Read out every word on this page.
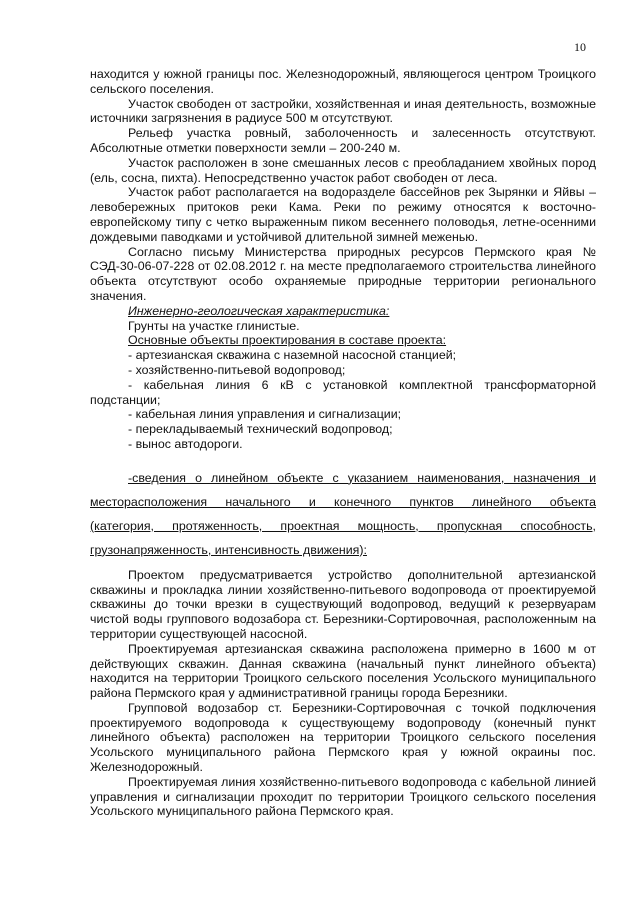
10

находится у южной границы пос. Железнодорожный, являющегося центром Троицкого сельского поселения.

Участок свободен от застройки, хозяйственная и иная деятельность, возможные источники загрязнения в радиусе 500 м отсутствуют.

Рельеф участка ровный, заболоченность и залесенность отсутствуют. Абсолютные отметки поверхности земли – 200-240 м.

Участок расположен в зоне смешанных лесов с преобладанием хвойных пород (ель, сосна, пихта). Непосредственно участок работ свободен от леса.

Участок работ располагается на водоразделе бассейнов рек Зырянки и Яйвы – левобережных притоков реки Кама. Реки по режиму относятся к восточно-европейскому типу с четко выраженным пиком весеннего половодья, летне-осенними дождевыми паводками и устойчивой длительной зимней меженью.

Согласно письму Министерства природных ресурсов Пермского края № СЭД-30-06-07-228 от 02.08.2012 г. на месте предполагаемого строительства линейного объекта отсутствуют особо охраняемые природные территории регионального значения.

Инженерно-геологическая характеристика:

Грунты на участке глинистые.

Основные объекты проектирования в составе проекта:

- артезианская скважина с наземной насосной станцией;

- хозяйственно-питьевой водопровод;

- кабельная линия 6 кВ с установкой комплектной трансформаторной подстанции;

- кабельная линия управления и сигнализации;

- перекладываемый технический водопровод;

- вынос автодороги.

-сведения о линейном объекте с указанием наименования, назначения и

месторасположения начального и конечного пунктов линейного объекта

(категория, протяженность, проектная мощность, пропускная способность,

грузонапряженность, интенсивность движения):

Проектом предусматривается устройство дополнительной артезианской скважины и прокладка линии хозяйственно-питьевого водопровода от проектируемой скважины до точки врезки в существующий водопровод, ведущий к резервуарам чистой воды группового водозабора ст. Березники-Сортировочная, расположенным на территории существующей насосной.

Проектируемая артезианская скважина расположена примерно в 1600 м от действующих скважин. Данная скважина (начальный пункт линейного объекта) находится на территории Троицкого сельского поселения Усольского муниципального района Пермского края у административной границы города Березники.

Групповой водозабор ст. Березники-Сортировочная с точкой подключения проектируемого водопровода к существующему водопроводу (конечный пункт линейного объекта) расположен на территории Троицкого сельского поселения Усольского муниципального района Пермского края у южной окраины пос. Железнодорожный.

Проектируемая линия хозяйственно-питьевого водопровода с кабельной линией управления и сигнализации проходит по территории Троицкого сельского поселения Усольского муниципального района Пермского края.
